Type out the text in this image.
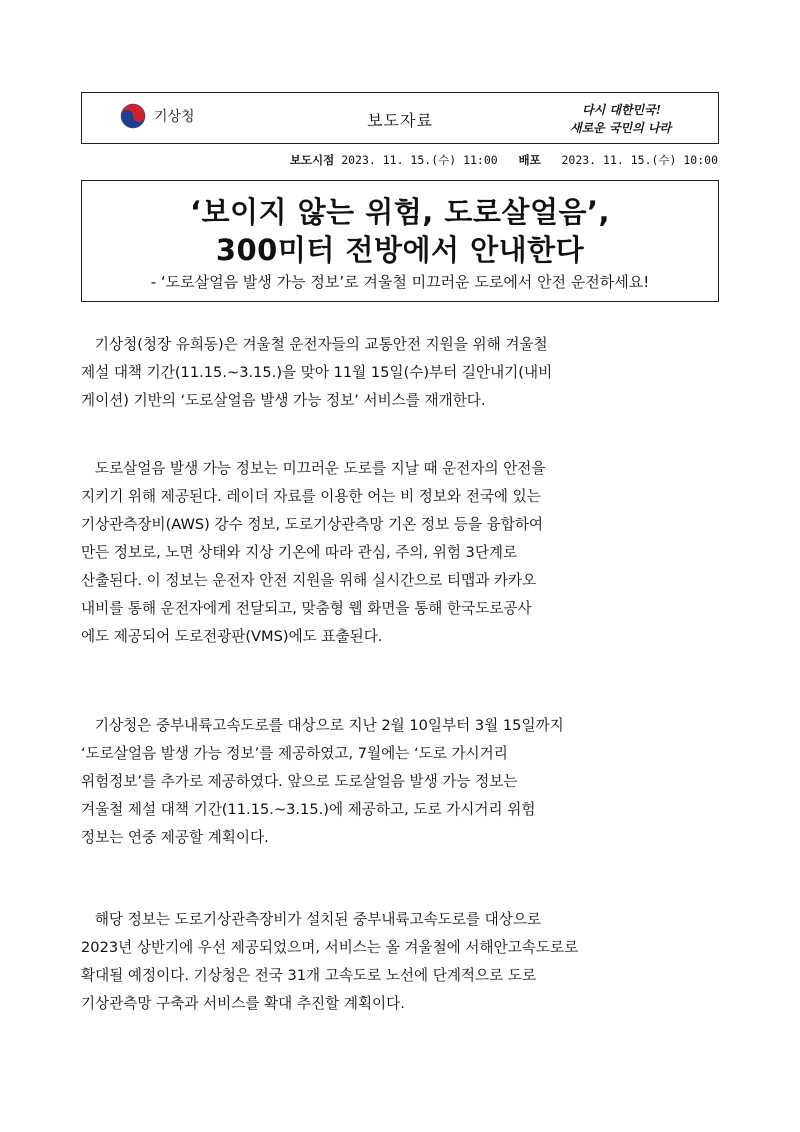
기상청	보도자료
다시 대한민국!
새로운 국민의 나라
보도시점 2023. 11. 15.(수) 11:00 배포 2023. 11. 15.(수) 10:00
‘보이지 않는 위험, 도로살얼음’,
300미터 전방에서 안내한다
- ‘도로살얼음 발생 가능 정보’로 겨울철 미끄러운 도로에서 안전 운전하세요!
기상청(청장 유희동)은 겨울철 운전자들의 교통안전 지원을 위해 겨울철
제설 대책 기간(11.15.~3.15.)을 맞아 11월 15일(수)부터 길안내기(내비
게이션) 기반의 ‘도로살얼음 발생 가능 정보’ 서비스를 재개한다.
도로살얼음 발생 가능 정보는 미끄러운 도로를 지날 때 운전자의 안전을
지키기 위해 제공된다. 레이더 자료를 이용한 어는 비 정보와 전국에 있는
기상관측장비(AWS) 강수 정보, 도로기상관측망 기온 정보 등을 융합하여
만든 정보로, 노면 상태와 지상 기온에 따라 관심, 주의, 위험 3단계로
산출된다. 이 정보는 운전자 안전 지원을 위해 실시간으로 티맵과 카카오
내비를 통해 운전자에게 전달되고, 맞춤형 웹 화면을 통해 한국도로공사
에도 제공되어 도로전광판(VMS)에도 표출된다.
기상청은 중부내륙고속도로를 대상으로 지난 2월 10일부터 3월 15일까지
‘도로살얼음 발생 가능 정보’를 제공하였고, 7월에는 ‘도로 가시거리
위험정보’를 추가로 제공하였다. 앞으로 도로살얼음 발생 가능 정보는
겨울철 제설 대책 기간(11.15.~3.15.)에 제공하고, 도로 가시거리 위험
정보는 연중 제공할 계획이다.
해당 정보는 도로기상관측장비가 설치된 중부내륙고속도로를 대상으로
2023년 상반기에 우선 제공되었으며, 서비스는 올 겨울철에 서해안고속도로로
확대될 예정이다. 기상청은 전국 31개 고속도로 노선에 단계적으로 도로
기상관측망 구축과 서비스를 확대 추진할 계획이다.
